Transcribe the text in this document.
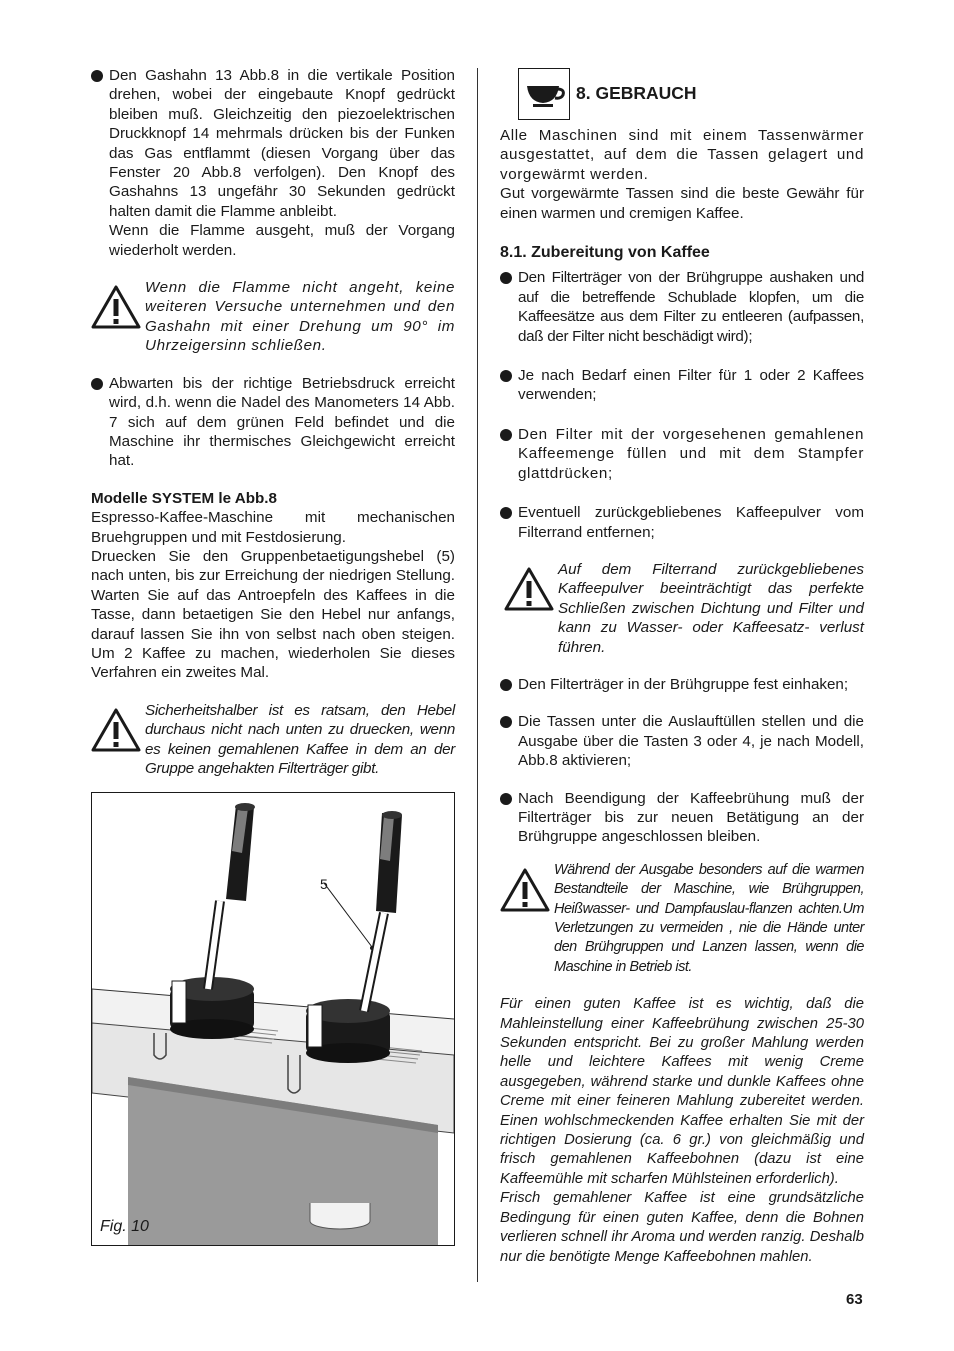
Den Gashahn 13 Abb.8 in die vertikale Position drehen, wobei der eingebaute Knopf gedrückt bleiben muß. Gleichzeitig den piezoelektrischen Druckknopf 14 mehrmals drücken bis der Funken das Gas entflammt (diesen Vorgang über das Fenster 20 Abb.8 verfolgen). Den Knopf des Gashahns 13 ungefähr 30 Sekunden gedrückt halten damit die Flamme anbleibt.

Wenn die Flamme ausgeht, muß der Vorgang wiederholt werden.

Wenn die Flamme nicht angeht, keine weiteren Versuche unternehmen und den Gashahn mit einer Drehung um 90° im Uhrzeigersinn schließen.

Abwarten bis der richtige Betriebsdruck erreicht wird, d.h. wenn die Nadel des Manometers 14 Abb. 7 sich auf dem grünen Feld befindet und die Maschine ihr thermisches Gleichgewicht erreicht hat.

Modelle SYSTEM le Abb.8

Espresso-Kaffee-Maschine mit mechanischen Bruehgruppen und mit Festdosierung.

Druecken Sie den Gruppenbetaetigungshebel (5) nach unten, bis zur Erreichung der niedrigen Stellung. Warten Sie auf das Antroepfeln des Kaffees in die Tasse, dann betaetigen Sie den Hebel nur anfangs, darauf lassen Sie ihn von selbst nach oben steigen. Um 2 Kaffee zu machen, wiederholen Sie dieses Verfahren ein zweites Mal.

Sicherheitshalber ist es ratsam, den Hebel durchaus nicht nach unten zu druecken, wenn es keinen gemahlenen Kaffee in dem an der Gruppe angehakten Filterträger gibt.
5
Fig. 10
8. GEBRAUCH

Alle Maschinen sind mit einem Tassenwärmer ausgestattet, auf dem die Tassen gelagert und vorgewärmt werden.

Gut vorgewärmte Tassen sind die beste Gewähr für einen warmen und cremigen Kaffee.

8.1. Zubereitung von Kaffee

Den Filterträger von der Brühgruppe aushaken und auf die betreffende Schublade klopfen, um die Kaffeesätze aus dem Filter zu entleeren (aufpassen, daß der Filter nicht beschädigt wird);

Je nach Bedarf einen Filter für 1 oder 2 Kaffees verwenden;

Den Filter mit der vorgesehenen gemahlenen Kaffeemenge füllen und mit dem Stampfer glattdrücken;

Eventuell zurückgebliebenes Kaffeepulver vom Filterrand entfernen;

Auf dem Filterrand zurückgebliebenes Kaffeepulver beeinträchtigt das perfekte Schließen zwischen Dichtung und Filter und kann zu Wasser- oder Kaffeesatz- verlust führen.

Den Filterträger in der Brühgruppe fest einhaken;

Die Tassen unter die Auslauftüllen stellen und die Ausgabe über die Tasten 3 oder 4, je nach Modell, Abb.8 aktivieren;

Nach Beendigung der Kaffeebrühung muß der Filterträger bis zur neuen Betätigung an der Brühgruppe angeschlossen bleiben.

Während der Ausgabe besonders auf die warmen Bestandteile der Maschine, wie Brühgruppen, Heißwasser- und Dampfauslau-flanzen achten.Um Verletzungen zu vermeiden , nie die Hände unter den Brühgruppen und Lanzen lassen, wenn die Maschine in Betrieb ist.

Für einen guten Kaffee ist es wichtig, daß die Mahleinstellung einer Kaffeebrühung zwischen 25-30 Sekunden entspricht. Bei zu großer Mahlung werden helle und leichtere Kaffees mit wenig Creme ausgegeben, während starke und dunkle Kaffees ohne Creme mit einer feineren Mahlung zubereitet werden. Einen wohlschmeckenden Kaffee erhalten Sie mit der richtigen Dosierung (ca. 6 gr.) von gleichmäßig und frisch gemahlenen Kaffeebohnen (dazu ist eine Kaffeemühle mit scharfen Mühlsteinen erforderlich).

Frisch gemahlener Kaffee ist eine grundsätzliche Bedingung für einen guten Kaffee, denn die Bohnen verlieren schnell ihr Aroma und werden ranzig. Deshalb nur die benötigte Menge Kaffeebohnen mahlen.

63
